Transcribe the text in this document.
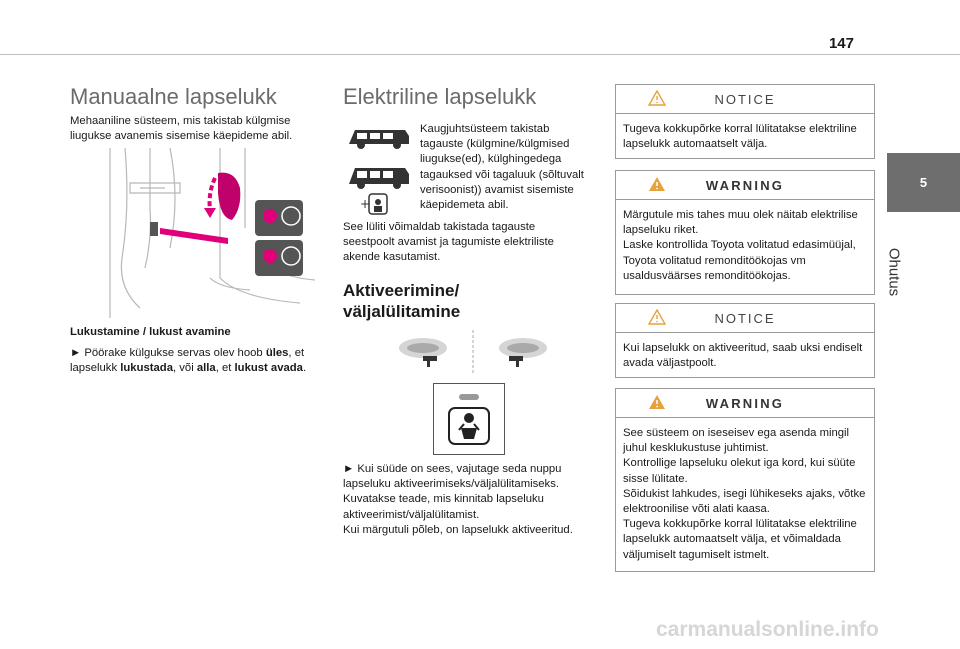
147
5
Ohutus
Manuaalne lapselukk
Mehaaniline süsteem, mis takistab külgmise liugukse avanemis sisemise käepideme abil.
Lukustamine / lukust avamine
► Pöörake külgukse servas olev hoob üles, et lapselukk lukustada, või alla, et lukust avada.
Elektriline lapselukk
+
Kaugjuhtsüsteem takistab tagauste (külgmine/külgmised liugukse(ed), külghingedega tagauksed või tagaluuk (sõltuvalt verisoonist)) avamist sisemiste käepidemeta abil.
See lüliti võimaldab takistada tagauste seestpoolt avamist ja tagumiste elektriliste akende kasutamist.
Aktiveerimine/
väljalülitamine
► Kui süüde on sees, vajutage seda nuppu lapseluku aktiveerimiseks/väljalülitamiseks.
Kuvatakse teade, mis kinnitab lapseluku aktiveerimist/väljalülitamist.
Kui märgutuli põleb, on lapselukk aktiveeritud.
NOTICE
Tugeva kokkupõrke korral lülitatakse elektriline lapselukk automaatselt välja.
WARNING
Märgutule mis tahes muu olek näitab elektrilise lapseluku riket.
Laske kontrollida Toyota volitatud edasimüüjal, Toyota volitatud remonditöökojas vm usaldusväärses remonditöökojas.
NOTICE
Kui lapselukk on aktiveeritud, saab uksi endiselt avada väljastpoolt.
WARNING
See süsteem on iseseisev ega asenda mingil juhul kesklukustuse juhtimist.
Kontrollige lapseluku olekut iga kord, kui süüte sisse lülitate.
Sõidukist lahkudes, isegi lühikeseks ajaks, võtke elektroonilise võti alati kaasa.
Tugeva kokkupõrke korral lülitatakse elektriline lapselukk automaatselt välja, et võimaldada väljumiselt tagumiselt istmelt.
carmanualsonline.info
